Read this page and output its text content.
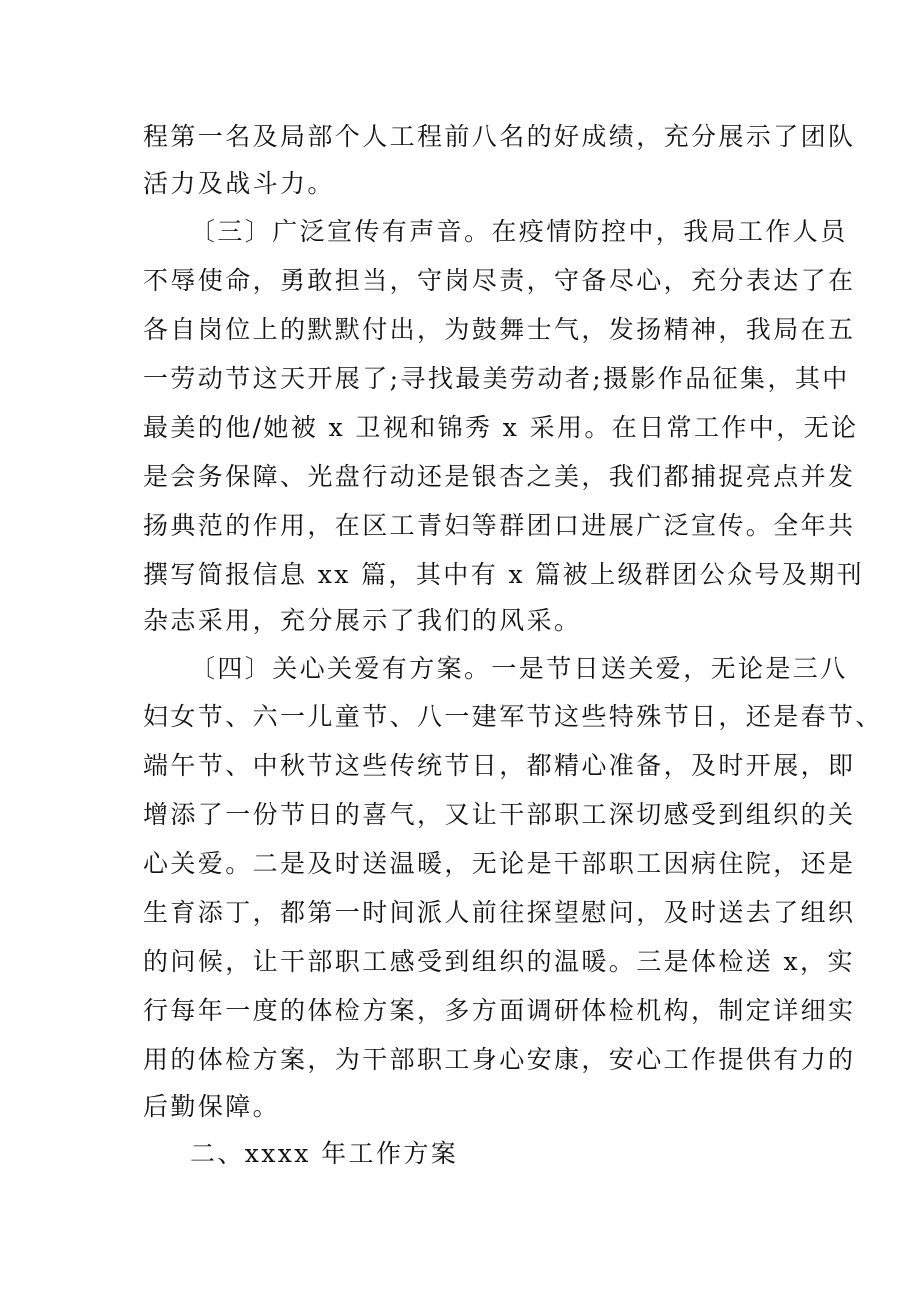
程第一名及局部个人工程前八名的好成绩，充分展示了团队
活力及战斗力。
〔三〕广泛宣传有声音。在疫情防控中，我局工作人员
不辱使命，勇敢担当，守岗尽责，守备尽心，充分表达了在
各自岗位上的默默付出，为鼓舞士气，发扬精神，我局在五
一劳动节这天开展了;寻找最美劳动者;摄影作品征集，其中
最美的他/她被 x 卫视和锦秀 x 采用。在日常工作中，无论
是会务保障、光盘行动还是银杏之美，我们都捕捉亮点并发
扬典范的作用，在区工青妇等群团口进展广泛宣传。全年共
撰写简报信息 xx 篇，其中有 x 篇被上级群团公众号及期刊
杂志采用，充分展示了我们的风采。
〔四〕关心关爱有方案。一是节日送关爱，无论是三八
妇女节、六一儿童节、八一建军节这些特殊节日，还是春节、
端午节、中秋节这些传统节日，都精心准备，及时开展，即
增添了一份节日的喜气，又让干部职工深切感受到组织的关
心关爱。二是及时送温暖，无论是干部职工因病住院，还是
生育添丁，都第一时间派人前往探望慰问，及时送去了组织
的问候，让干部职工感受到组织的温暖。三是体检送 x，实
行每年一度的体检方案，多方面调研体检机构，制定详细实
用的体检方案，为干部职工身心安康，安心工作提供有力的
后勤保障。
二、xxxx 年工作方案
